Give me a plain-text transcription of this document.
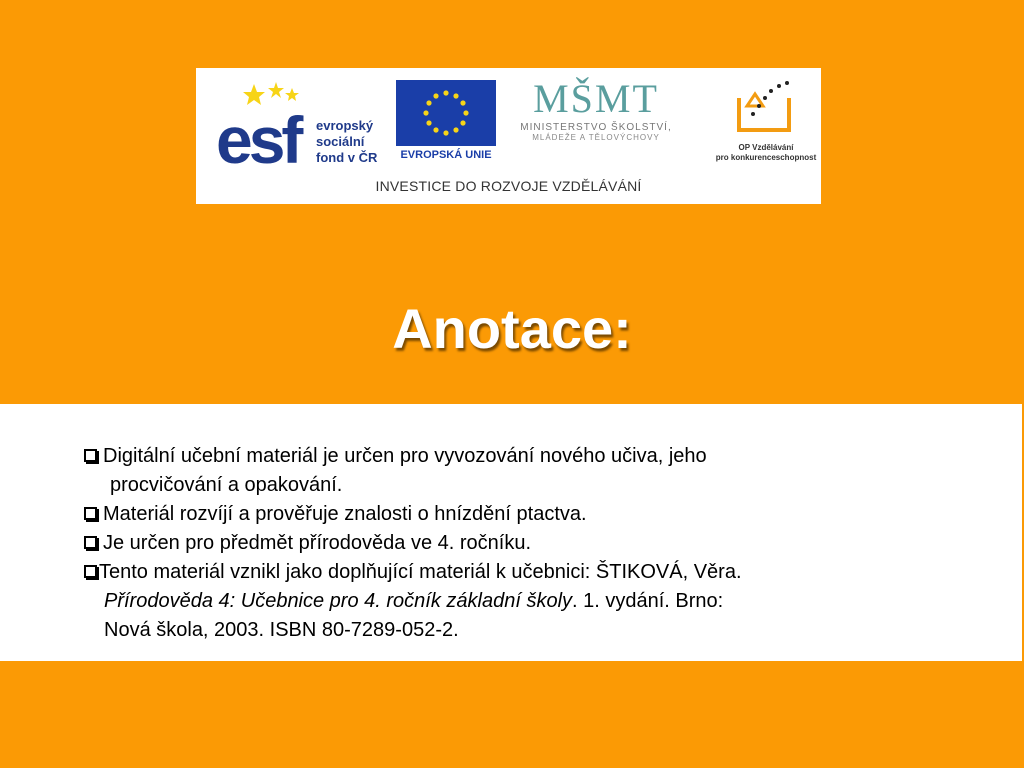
esf evropský
sociální
fond v ČR	EVROPSKÁ UNIE
MŠMT
MINISTERSTVO ŠKOLSTVÍ,
MLÁDEŽE A TĚLOVÝCHOVY
OP Vzdělávání
pro konkurenceschopnost
INVESTICE DO ROZVOJE VZDĚLÁVÁNÍ
Anotace:
Digitální učební materiál je určen pro vyvozování nového učiva, jeho
procvičování a opakování.
Materiál rozvíjí a prověřuje znalosti o hnízdění ptactva.
Je určen pro předmět přírodověda ve 4. ročníku.
Tento materiál vznikl jako doplňující materiál k učebnici: ŠTIKOVÁ, Věra.
Přírodověda 4: Učebnice pro 4. ročník základní školy. 1. vydání. Brno:
Nová škola, 2003. ISBN 80-7289-052-2.
